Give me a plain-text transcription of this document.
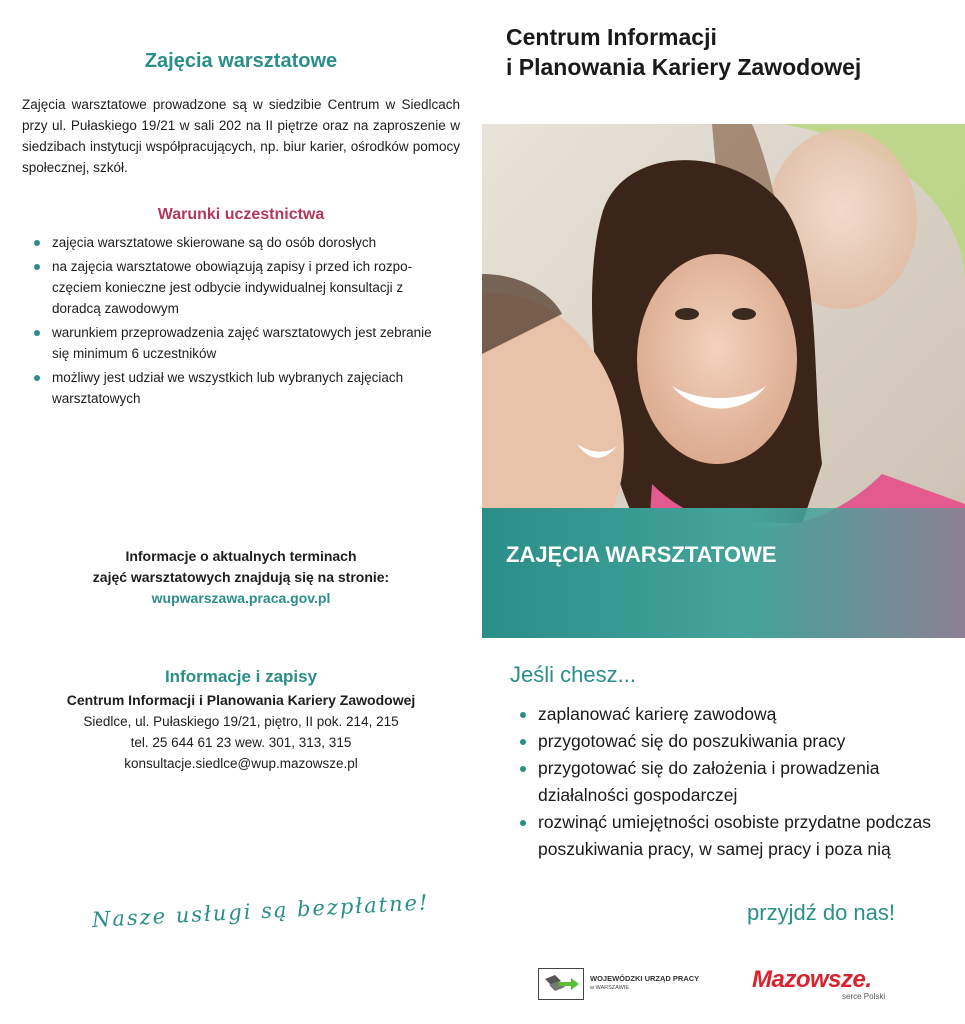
Zajęcia warsztatowe

Zajęcia warsztatowe prowadzone są w siedzibie Centrum w Siedlcach przy ul. Pułaskiego 19/21 w sali 202 na II piętrze oraz na zaproszenie w siedzibach instytucji współpracujących, np. biur karier, ośrodków pomocy społecznej, szkół.

Warunki uczestnictwa
zajęcia warsztatowe skierowane są do osób dorosłych
na zajęcia warsztatowe obowiązują zapisy i przed ich rozpo-częciem konieczne jest odbycie indywidualnej konsultacji z doradcą zawodowym
warunkiem przeprowadzenia zajęć warsztatowych jest zebranie się minimum 6 uczestników
możliwy jest udział we wszystkich lub wybranych zajęciach warsztatowych
Informacje o aktualnych terminach
zajęć warsztatowych znajdują się na stronie:
wupwarszawa.praca.gov.pl
Informacje i zapisy
Centrum Informacji i Planowania Kariery Zawodowej
Siedlce, ul. Pułaskiego 19/21, piętro, II pok. 214, 215
tel. 25 644 61 23 wew. 301, 313, 315
konsultacje.siedlce@wup.mazowsze.pl
Nasze usługi są bezpłatne!
Centrum Informacji
i Planowania Kariery Zawodowej
ZAJĘCIA WARSZTATOWE
Jeśli chesz...
zaplanować karierę zawodową
przygotować się do poszukiwania pracy
przygotować się do założenia i prowadzenia działalności gospodarczej
rozwinąć umiejętności osobiste przydatne podczas poszukiwania pracy, w samej pracy i poza nią
przyjdź do nas!
WOJEWÓDZKI URZĄD PRACY
w WARSZAWIE	Mazowsze.
serce Polski
